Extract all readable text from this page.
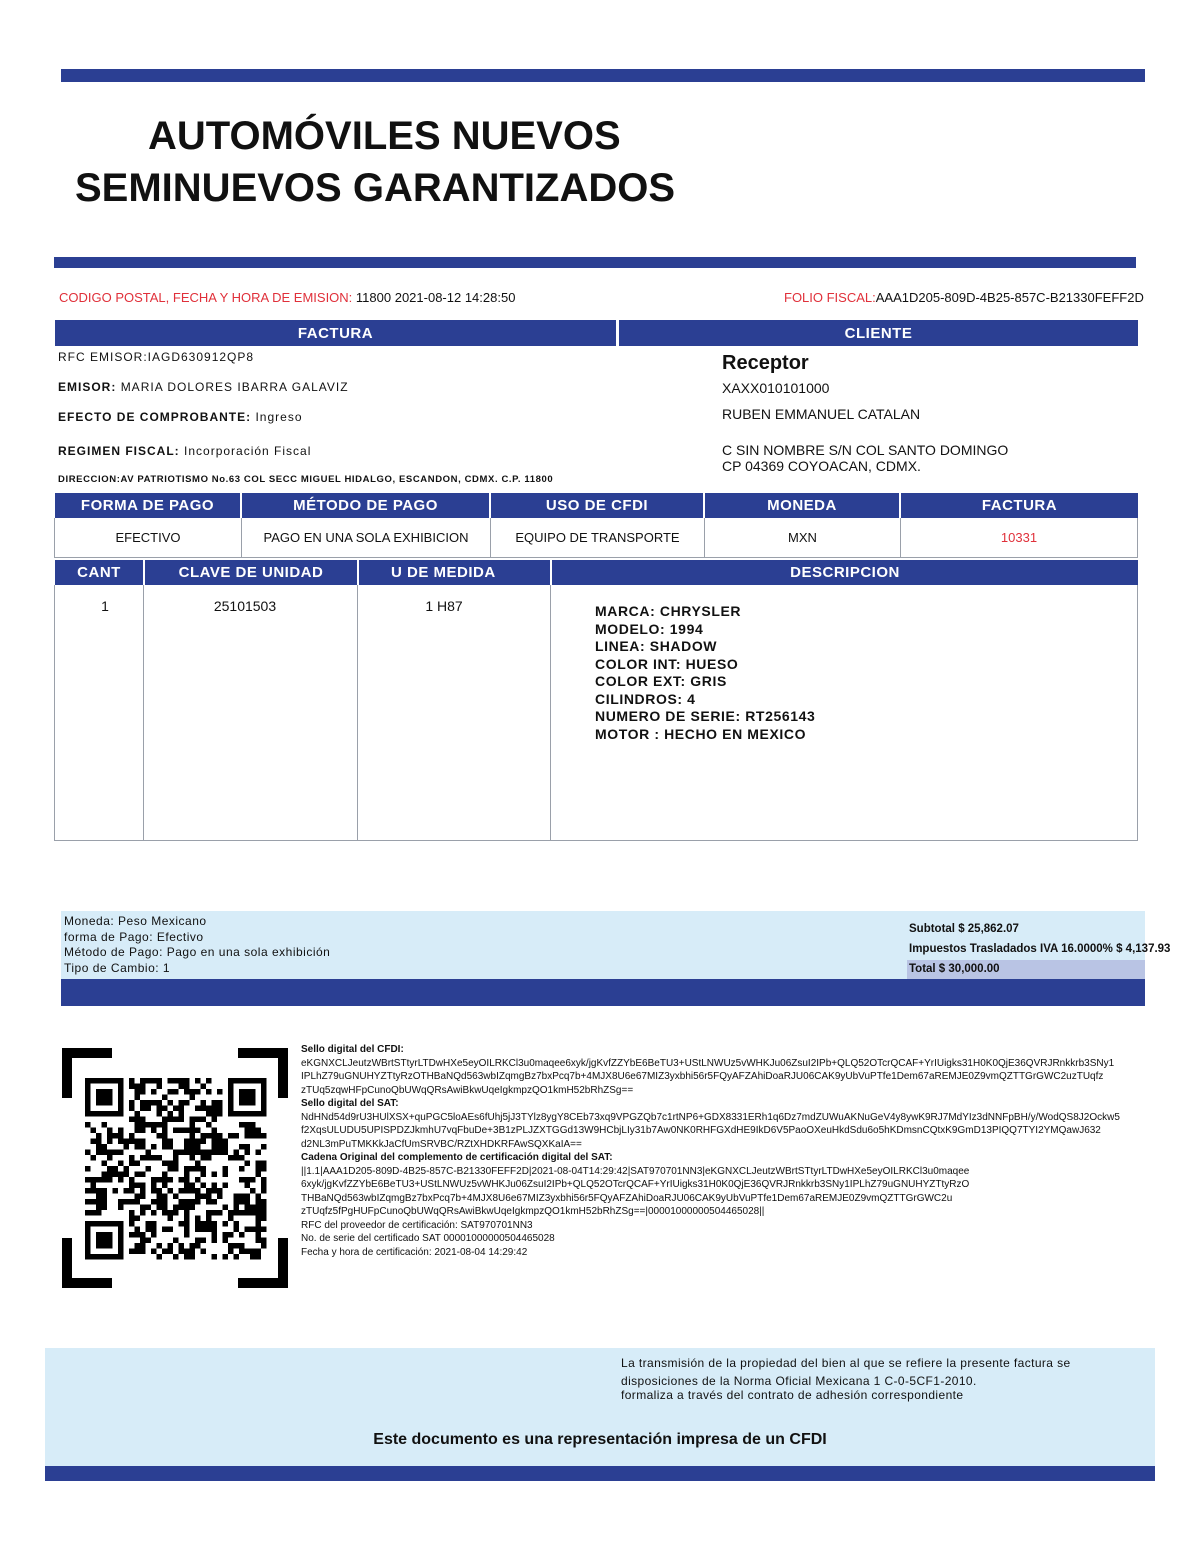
AUTOMÓVILES NUEVOS
SEMINUEVOS GARANTIZADOS
CODIGO POSTAL, FECHA Y HORA DE EMISION: 11800 2021-08-12 14:28:50	FOLIO FISCAL:AAA1D205-809D-4B25-857C-B21330FEFF2D
FACTURA	CLIENTE
RFC EMISOR:IAGD630912QP8
EMISOR: MARIA DOLORES IBARRA GALAVIZ
EFECTO DE COMPROBANTE: Ingreso
REGIMEN FISCAL: Incorporación Fiscal
DIRECCION:AV PATRIOTISMO No.63 COL SECC MIGUEL HIDALGO, ESCANDON, CDMX. C.P. 11800
Receptor
XAXX010101000
RUBEN EMMANUEL CATALAN
C SIN NOMBRE S/N COL SANTO DOMINGO
CP 04369 COYOACAN, CDMX.
FORMA DE PAGO	MÉTODO DE PAGO	USO DE CFDI	MONEDA	FACTURA
EFECTIVO	PAGO EN UNA SOLA EXHIBICION	EQUIPO DE TRANSPORTE	MXN	10331
CANT	CLAVE DE UNIDAD	U DE MEDIDA	DESCRIPCION
1	25101503	1 H87	MARCA: CHRYSLER
MODELO: 1994
LINEA: SHADOW
COLOR INT: HUESO
COLOR EXT: GRIS
CILINDROS: 4
NUMERO DE SERIE: RT256143
MOTOR : HECHO EN MEXICO
Moneda: Peso Mexicano
forma de Pago: Efectivo
Método de Pago: Pago en una sola exhibición
Tipo de Cambio: 1
Subtotal $ 25,862.07
Impuestos Trasladados IVA 16.0000% $ 4,137.93
Total $ 30,000.00
Sello digital del CFDI:
eKGNXCLJeutzWBrtSTtyrLTDwHXe5eyOILRKCl3u0maqee6xyk/jgKvfZZYbE6BeTU3+UStLNWUz5vWHKJu06ZsuI2IPb+QLQ52OTcrQCAF+YrIUigks31H0K0QjE36QVRJRnkkrb3SNy1
IPLhZ79uGNUHYZTtyRzOTHBaNQd563wbIZqmgBz7bxPcq7b+4MJX8U6e67MIZ3yxbhi56r5FQyAFZAhiDoaRJU06CAK9yUbVuPTfe1Dem67aREMJE0Z9vmQZTTGrGWC2uzTUqfz
zTUq5zqwHFpCunoQbUWqQRsAwiBkwUqeIgkmpzQO1kmH52bRhZSg==
Sello digital del SAT:
NdHNd54d9rU3HUlXSX+quPGC5loAEs6fUhj5jJ3TYlz8ygY8CEb73xq9VPGZQb7c1rtNP6+GDX8331ERh1q6Dz7mdZUWuAKNuGeV4y8ywK9RJ7MdYIz3dNNFpBH/y/WodQS8J2Ockw5
f2XqsULUDU5UPISPDZJkmhU7vqFbuDe+3B1zPLJZXTGGd13W9HCbjLIy31b7Aw0NK0RHFGXdHE9IkD6V5PaoOXeuHkdSdu6o5hKDmsnCQtxK9GmD13PIQQ7TYI2YMQawJ632
d2NL3mPuTMKKkJaCfUmSRVBC/RZtXHDKRFAwSQXKaIA==
Cadena Original del complemento de certificación digital del SAT:
||1.1|AAA1D205-809D-4B25-857C-B21330FEFF2D|2021-08-04T14:29:42|SAT970701NN3|eKGNXCLJeutzWBrtSTtyrLTDwHXe5eyOILRKCl3u0maqee
6xyk/jgKvfZZYbE6BeTU3+UStLNWUz5vWHKJu06ZsuI2IPb+QLQ52OTcrQCAF+YrIUigks31H0K0QjE36QVRJRnkkrb3SNy1IPLhZ79uGNUHYZTtyRzO
THBaNQd563wbIZqmgBz7bxPcq7b+4MJX8U6e67MIZ3yxbhi56r5FQyAFZAhiDoaRJU06CAK9yUbVuPTfe1Dem67aREMJE0Z9vmQZTTGrGWC2u
zTUqfz5fPgHUFpCunoQbUWqQRsAwiBkwUqeIgkmpzQO1kmH52bRhZSg==|00001000000504465028||
RFC del proveedor de certificación: SAT970701NN3
No. de serie del certificado SAT 00001000000504465028
Fecha y hora de certificación: 2021-08-04 14:29:42
La transmisión de la propiedad del bien al que se refiere la presente factura se
disposiciones de la Norma Oficial Mexicana 1 C-0-5CF1-2010.
formaliza a través del contrato de adhesión correspondiente
Este documento es una representación impresa de un CFDI
